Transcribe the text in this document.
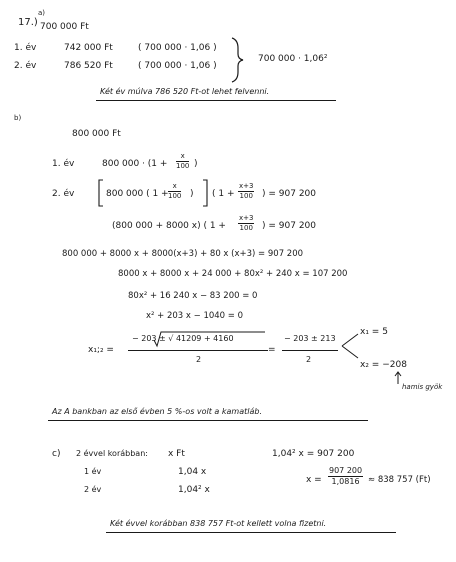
17.)
a)
700 000 Ft
1. év	742 000 Ft	( 700 000 · 1,06 )
2. év	786 520 Ft	( 700 000 · 1,06 )
700 000 · 1,06²
Két év múlva 786 520 Ft-ot lehet felvenni.
b)
800 000 Ft
1. év	800 $000 \cdot (1 + \frac{x}{100}$ )
2. év	800 000 ( $1 + \frac{x}{100}$ ) ( $1 + \frac{x+3}{100}$ ) = 907 200
(800 000 + 8000 x) ( $1 + \frac{x+3}{100}$ ) = 907 200
800 000 + 8000 x + 8000(x+3) + 80 x (x+3) = 907 200
8000 x + 8000 x + 24 000 + 80x² + 240 x = 107 200
80x² + 16 240 x − 83 200 = 0
x² + 203 x − 1040 = 0
x₁;₂ =
− 203 ± √ 41209 + 4160
2
=
− 203 ± 213
2
x₁ = 5
x₂ = −208
hamis gyök
Az A bankban az első évben 5 %-os volt a kamatláb.
c) 2 évvel korábban: x Ft
1 év	1,04 x
2 év	1,04² x
1,04² x = 907 200
$x = \frac{907 200}{1,0816} \approx 838$ 757 (Ft)
Két évvel korábban 838 757 Ft-ot kellett volna fizetni.
